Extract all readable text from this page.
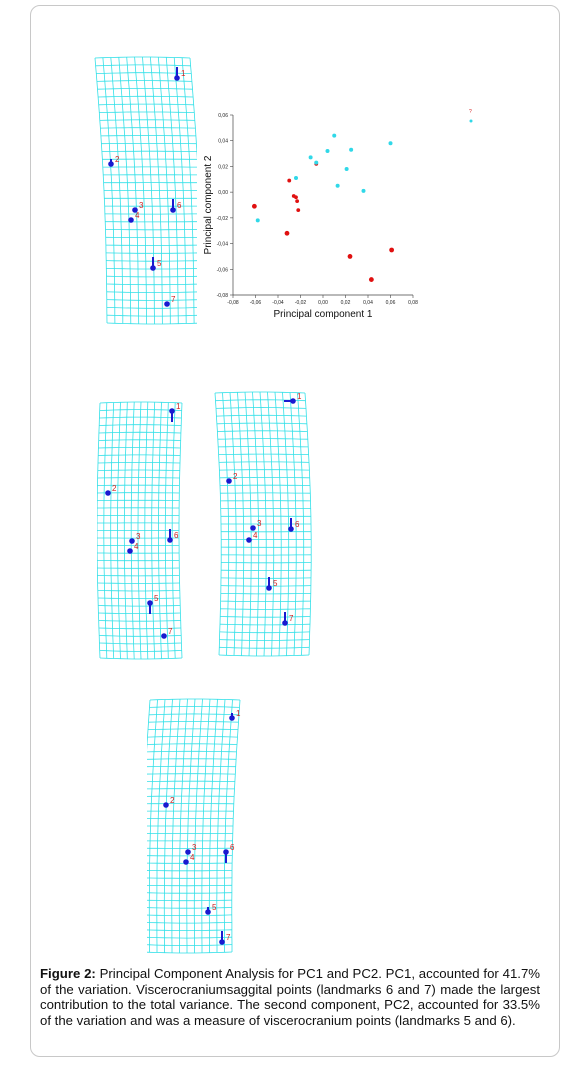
1
2
3
4
6
5
7
1
2
3
4
6
5
7
1
2
3
4
6
5
7
1
2
3
4
6
5
7
-0,08 -0,06 -0,04 -0,02 0,00	0,02	0,04	0,06	0,08
0,06
0,04
0,02
0,00
-0,02
-0,04
-0,06
-0,08
Principal component 1
Principal component 2
?
Figure 2: Principal Component Analysis for PC1 and PC2. PC1, accounted for 41.7% of the variation. Viscerocraniumsaggital points (landmarks 6 and 7) made the largest contribution to the total variance. The second component, PC2, accounted for 33.5% of the variation and was a measure of viscerocranium points (landmarks 5 and 6).
